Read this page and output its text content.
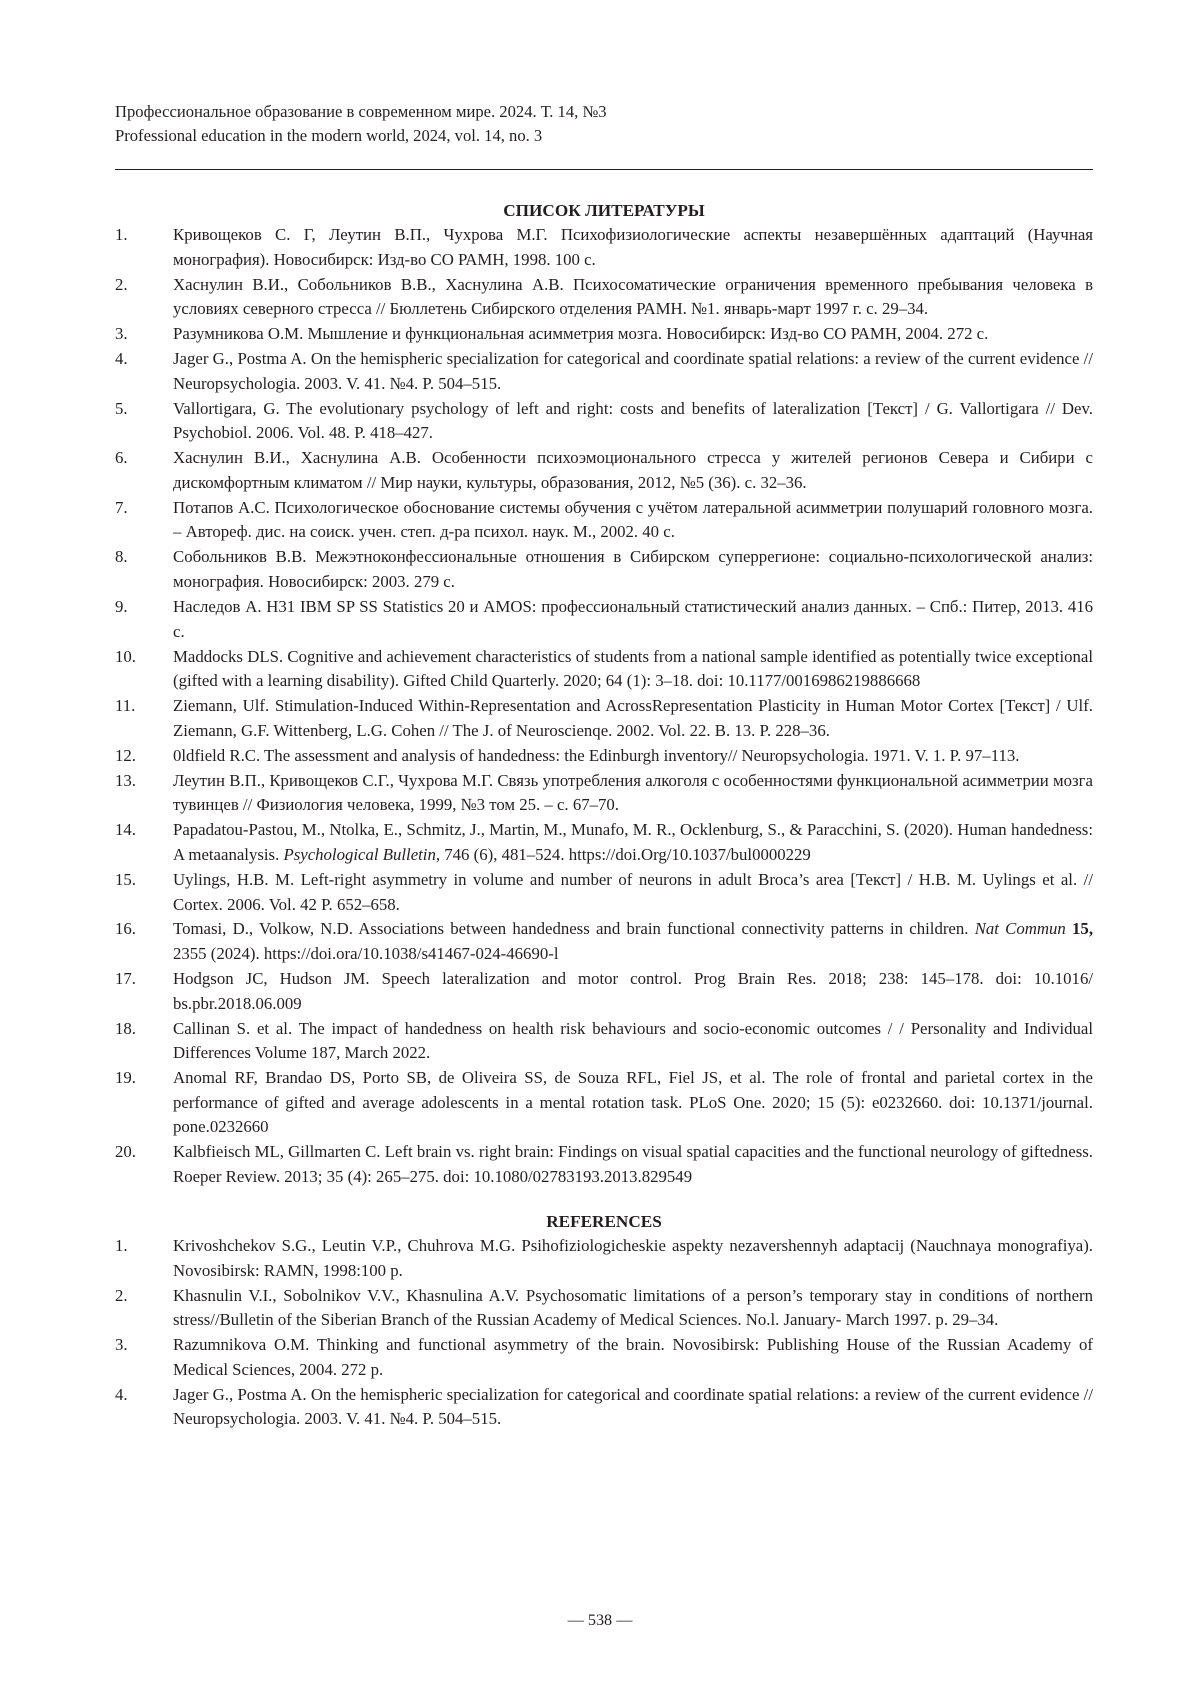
Профессиональное образование в современном мире. 2024. Т. 14, №3
Professional education in the modern world, 2024, vol. 14, no. 3
СПИСОК ЛИТЕРАТУРЫ
1.	Кривощеков С. Г, Леутин В.П., Чухрова М.Г. Психофизиологические аспекты незавершённых адаптаций (Научная монография). Новосибирск: Изд-во СО РАМН, 1998. 100 с.
2.	Хаснулин В.И., Собольников В.В., Хаснулина А.В. Психосоматические ограничения временного пребывания человека в условиях северного стресса // Бюллетень Сибирского отделения РАМН. №1. январь-март 1997 г. с. 29–34.
3.	Разумникова О.М. Мышление и функциональная асимметрия мозга. Новосибирск: Изд-во СО РАМН, 2004. 272 с.
4.	Jager G., Postma A. On the hemispheric specialization for categorical and coordinate spatial relations: a review of the current evidence // Neuropsychologia. 2003. V. 41. №4. P. 504–515.
5.	Vallortigara, G. The evolutionary psychology of left and right: costs and benefits of lateralization [Текст] / G. Vallortigara // Dev. Psychobiol. 2006. Vol. 48. P. 418–427.
6.	Хаснулин В.И., Хаснулина А.В. Особенности психоэмоционального стресса у жителей регионов Севера и Сибири с дискомфортным климатом // Мир науки, культуры, образования, 2012, №5 (36). с. 32–36.
7.	Потапов А.С. Психологическое обоснование системы обучения с учётом латеральной асимметрии полушарий головного мозга. – Автореф. дис. на соиск. учен. степ. д-ра психол. наук. М., 2002. 40 с.
8.	Собольников В.В. Межэтноконфессиональные отношения в Сибирском суперрегионе: социально-психологической анализ: монография. Новосибирск: 2003. 279 с.
9.	Наследов А. Н31 IBM SP SS Statistics 20 и AMOS: профессиональный статистический анализ данных. – Спб.: Питер, 2013. 416 с.
10. Maddocks DLS. Cognitive and achievement characteristics of students from a national sample identified as potentially twice exceptional (gifted with a learning disability). Gifted Child Quarterly. 2020; 64 (1): 3–18. doi: 10.1177/0016986219886668
11. Ziemann, Ulf. Stimulation-Induced Within-Representation and AcrossRepresentation Plasticity in Human Motor Cortex [Текст] / Ulf. Ziemann, G.F. Wittenberg, L.G. Cohen // The J. of Neuroscienqe. 2002. Vol. 22. B. 13. P. 228–36.
12. 0ldfield R.C. The assessment and analysis of handedness: the Edinburgh inventory// Neuropsychologia. 1971. V. 1. P. 97–113.
13. Леутин В.П., Кривощеков С.Г., Чухрова М.Г. Связь употребления алкоголя с особенностями функциональной асимметрии мозга тувинцев // Физиология человека, 1999, №3 том 25. – с. 67–70.
14. Papadatou-Pastou, M., Ntolka, E., Schmitz, J., Martin, M., Munafo, M. R., Ocklenburg, S., & Paracchini, S. (2020). Human handedness: A metaanalysis. Psychological Bulletin, 746 (6), 481–524. https://doi.Org/10.1037/bul0000229
15. Uylings, H.B. M. Left-right asymmetry in volume and number of neurons in adult Broca’s area [Текст] / H.B. M. Uylings et al. // Cortex. 2006. Vol. 42 P. 652–658.
16. Tomasi, D., Volkow, N.D. Associations between handedness and brain functional connectivity patterns in children. Nat Commun 15, 2355 (2024). https://doi.ora/10.1038/s41467-024-46690-l
17. Hodgson JC, Hudson JM. Speech lateralization and motor control. Prog Brain Res. 2018; 238: 145–178. doi: 10.1016/ bs.pbr.2018.06.009
18. Callinan S. et al. The impact of handedness on health risk behaviours and socio-economic outcomes / / Personality and Individual Differences Volume 187, March 2022.
19. Anomal RF, Brandao DS, Porto SB, de Oliveira SS, de Souza RFL, Fiel JS, et al. The role of frontal and parietal cortex in the performance of gifted and average adolescents in a mental rotation task. PLoS One. 2020; 15 (5): e0232660. doi: 10.1371/journal. pone.0232660
20. Kalbfieisch ML, Gillmarten C. Left brain vs. right brain: Findings on visual spatial capacities and the functional neurology of giftedness. Roeper Review. 2013; 35 (4): 265–275. doi: 10.1080/02783193.2013.829549
REFERENCES
1.	Krivoshchekov S.G., Leutin V.P., Chuhrova M.G. Psihofiziologicheskie aspekty nezavershennyh adaptacij (Nauchnaya monografiya). Novosibirsk: RAMN, 1998:100 p.
2.	Khasnulin V.I., Sobolnikov V.V., Khasnulina A.V. Psychosomatic limitations of a person’s temporary stay in conditions of northern stress//Bulletin of the Siberian Branch of the Russian Academy of Medical Sciences. No.l. January- March 1997. p. 29–34.
3.	Razumnikova O.M. Thinking and functional asymmetry of the brain. Novosibirsk: Publishing House of the Russian Academy of Medical Sciences, 2004. 272 p.
4.	Jager G., Postma A. On the hemispheric specialization for categorical and coordinate spatial relations: a review of the current evidence // Neuropsychologia. 2003. V. 41. №4. P. 504–515.
— 538 —
